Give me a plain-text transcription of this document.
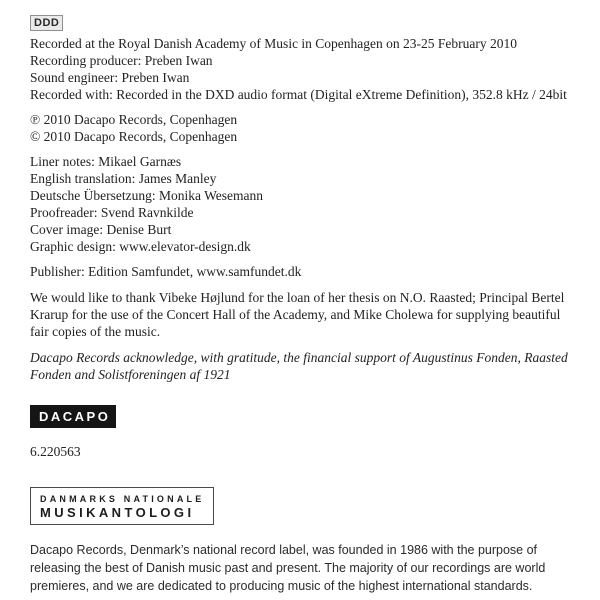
DDD
Recorded at the Royal Danish Academy of Music in Copenhagen on 23-25 February 2010
Recording producer: Preben Iwan
Sound engineer: Preben Iwan
Recorded with: Recorded in the DXD audio format (Digital eXtreme Definition), 352.8 kHz / 24bit
℗ 2010 Dacapo Records, Copenhagen
© 2010 Dacapo Records, Copenhagen
Liner notes: Mikael Garnæs
English translation: James Manley
Deutsche Übersetzung: Monika Wesemann
Proofreader: Svend Ravnkilde
Cover image: Denise Burt
Graphic design: www.elevator-design.dk
Publisher: Edition Samfundet, www.samfundet.dk
We would like to thank Vibeke Højlund for the loan of her thesis on N.O. Raasted; Principal Bertel Krarup for the use of the Concert Hall of the Academy, and Mike Cholewa for supplying beautiful fair copies of the music.
Dacapo Records acknowledge, with gratitude, the financial support of Augustinus Fonden, Raasted Fonden and Solistforeningen af 1921
DACAPO
6.220563
DANMARKS NATIONALE
MUSIKANTOLOGI
Dacapo Records, Denmark’s national record label, was founded in 1986 with the purpose of releasing the best of Danish music past and present. The majority of our recordings are world premieres, and we are dedicated to producing music of the highest international standards.
